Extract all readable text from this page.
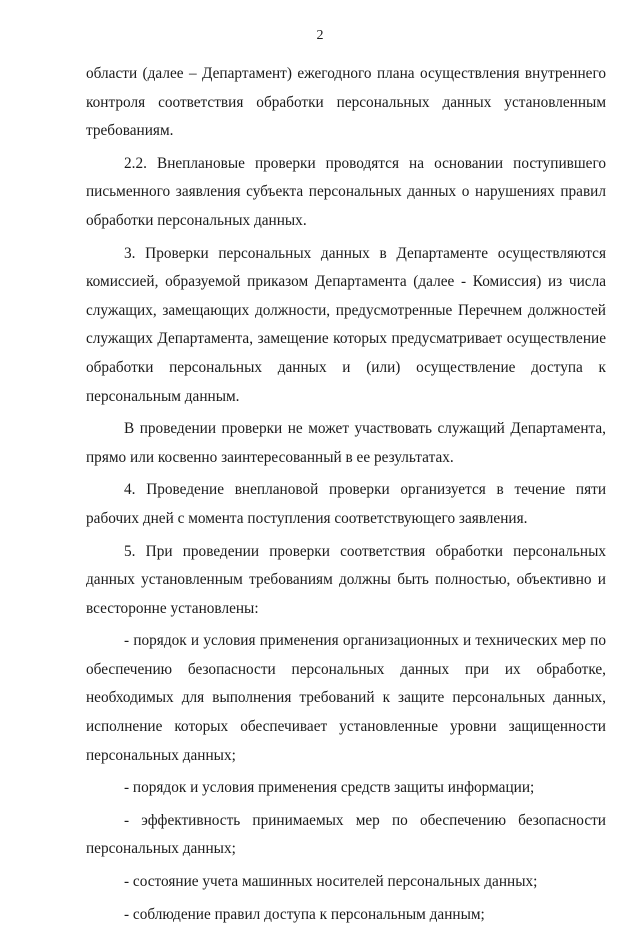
2

области (далее – Департамент) ежегодного плана осуществления внутреннего контроля соответствия обработки персональных данных установленным требованиям.

2.2. Внеплановые проверки проводятся на основании поступившего письменного заявления субъекта персональных данных о нарушениях правил обработки персональных данных.

3. Проверки персональных данных в Департаменте осуществляются комиссией, образуемой приказом Департамента (далее - Комиссия) из числа служащих, замещающих должности, предусмотренные Перечнем должностей служащих Департамента, замещение которых предусматривает осуществление обработки персональных данных и (или) осуществление доступа к персональным данным.

В проведении проверки не может участвовать служащий Департамента, прямо или косвенно заинтересованный в ее результатах.

4. Проведение внеплановой проверки организуется в течение пяти рабочих дней с момента поступления соответствующего заявления.

5. При проведении проверки соответствия обработки персональных данных установленным требованиям должны быть полностью, объективно и всесторонне установлены:

- порядок и условия применения организационных и технических мер по обеспечению безопасности персональных данных при их обработке, необходимых для выполнения требований к защите персональных данных, исполнение которых обеспечивает установленные уровни защищенности персональных данных;

- порядок и условия применения средств защиты информации;

- эффективность принимаемых мер по обеспечению безопасности персональных данных;

- состояние учета машинных носителей персональных данных;

- соблюдение правил доступа к персональным данным;
